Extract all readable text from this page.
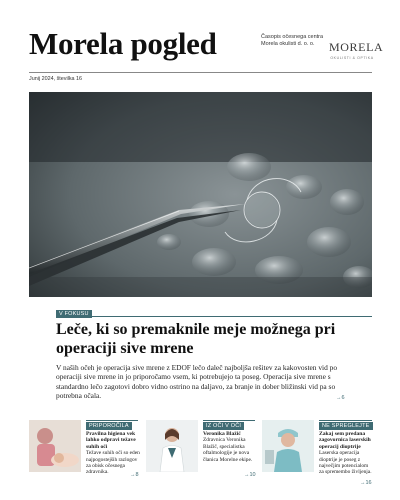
Morela pogled	Časopis očesnega centra Morela okulisti d. o. o.	MORELA
OKULISTI & OPTIKA
Junij 2024, številka 16
V FOKUSU
Leče, ki so premaknile meje možnega pri operaciji sive mrene
V naših očeh je operacija sive mrene z EDOF lečo daleč najboljša rešitev za kakovosten vid po operaciji sive mrene in jo priporočamo vsem, ki potrebujejo ta poseg. Operacija sive mrene s standardno lečo zagotovi dobro vidno ostrino na daljavo, za branje in dober bližinski vid pa so potrebna očala.	→6
PRIPOROČILA
Pravilna higiena vek lahko odpravi težave suhih oči
Težave suhih oči so eden najpogostejših razlogov za obisk očesnega zdravnika.	→8
IZ OČI V OČI
Veronika Blažič
Zdravnica Veronika Blažič, specialistka oftalmologije je nova članica Morelne ekipe.
→10
NE SPREGLEJTE
Zakaj sem predana zagovornica laserskih operacij dioptrije
Laserska operacija dioptrije je poseg z največjim potencialom za spremembo življenja.
→16
